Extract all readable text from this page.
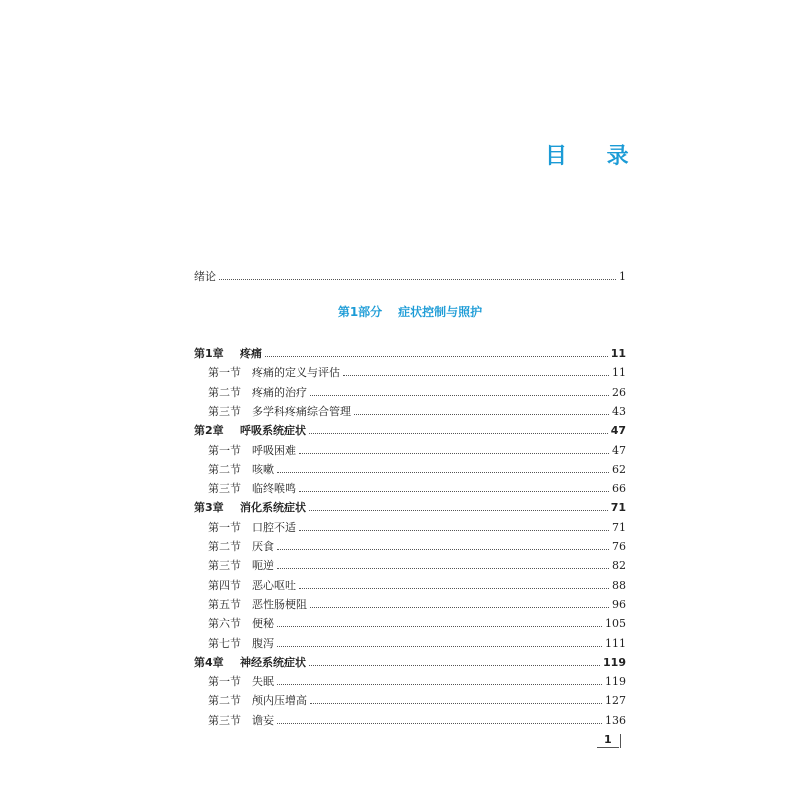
目 录
绪论	1
第1部分 症状控制与照护
第1章	疼痛	11
第一节	疼痛的定义与评估	11
第二节	疼痛的治疗	26
第三节	多学科疼痛综合管理	43
第2章	呼吸系统症状	47
第一节	呼吸困难	47
第二节	咳嗽	62
第三节	临终喉鸣	66
第3章	消化系统症状	71
第一节	口腔不适	71
第二节	厌食	76
第三节	呃逆	82
第四节	恶心呕吐	88
第五节	恶性肠梗阻	96
第六节	便秘	105
第七节	腹泻	111
第4章	神经系统症状	119
第一节	失眠	119
第二节	颅内压增高	127
第三节	谵妄	136
1
